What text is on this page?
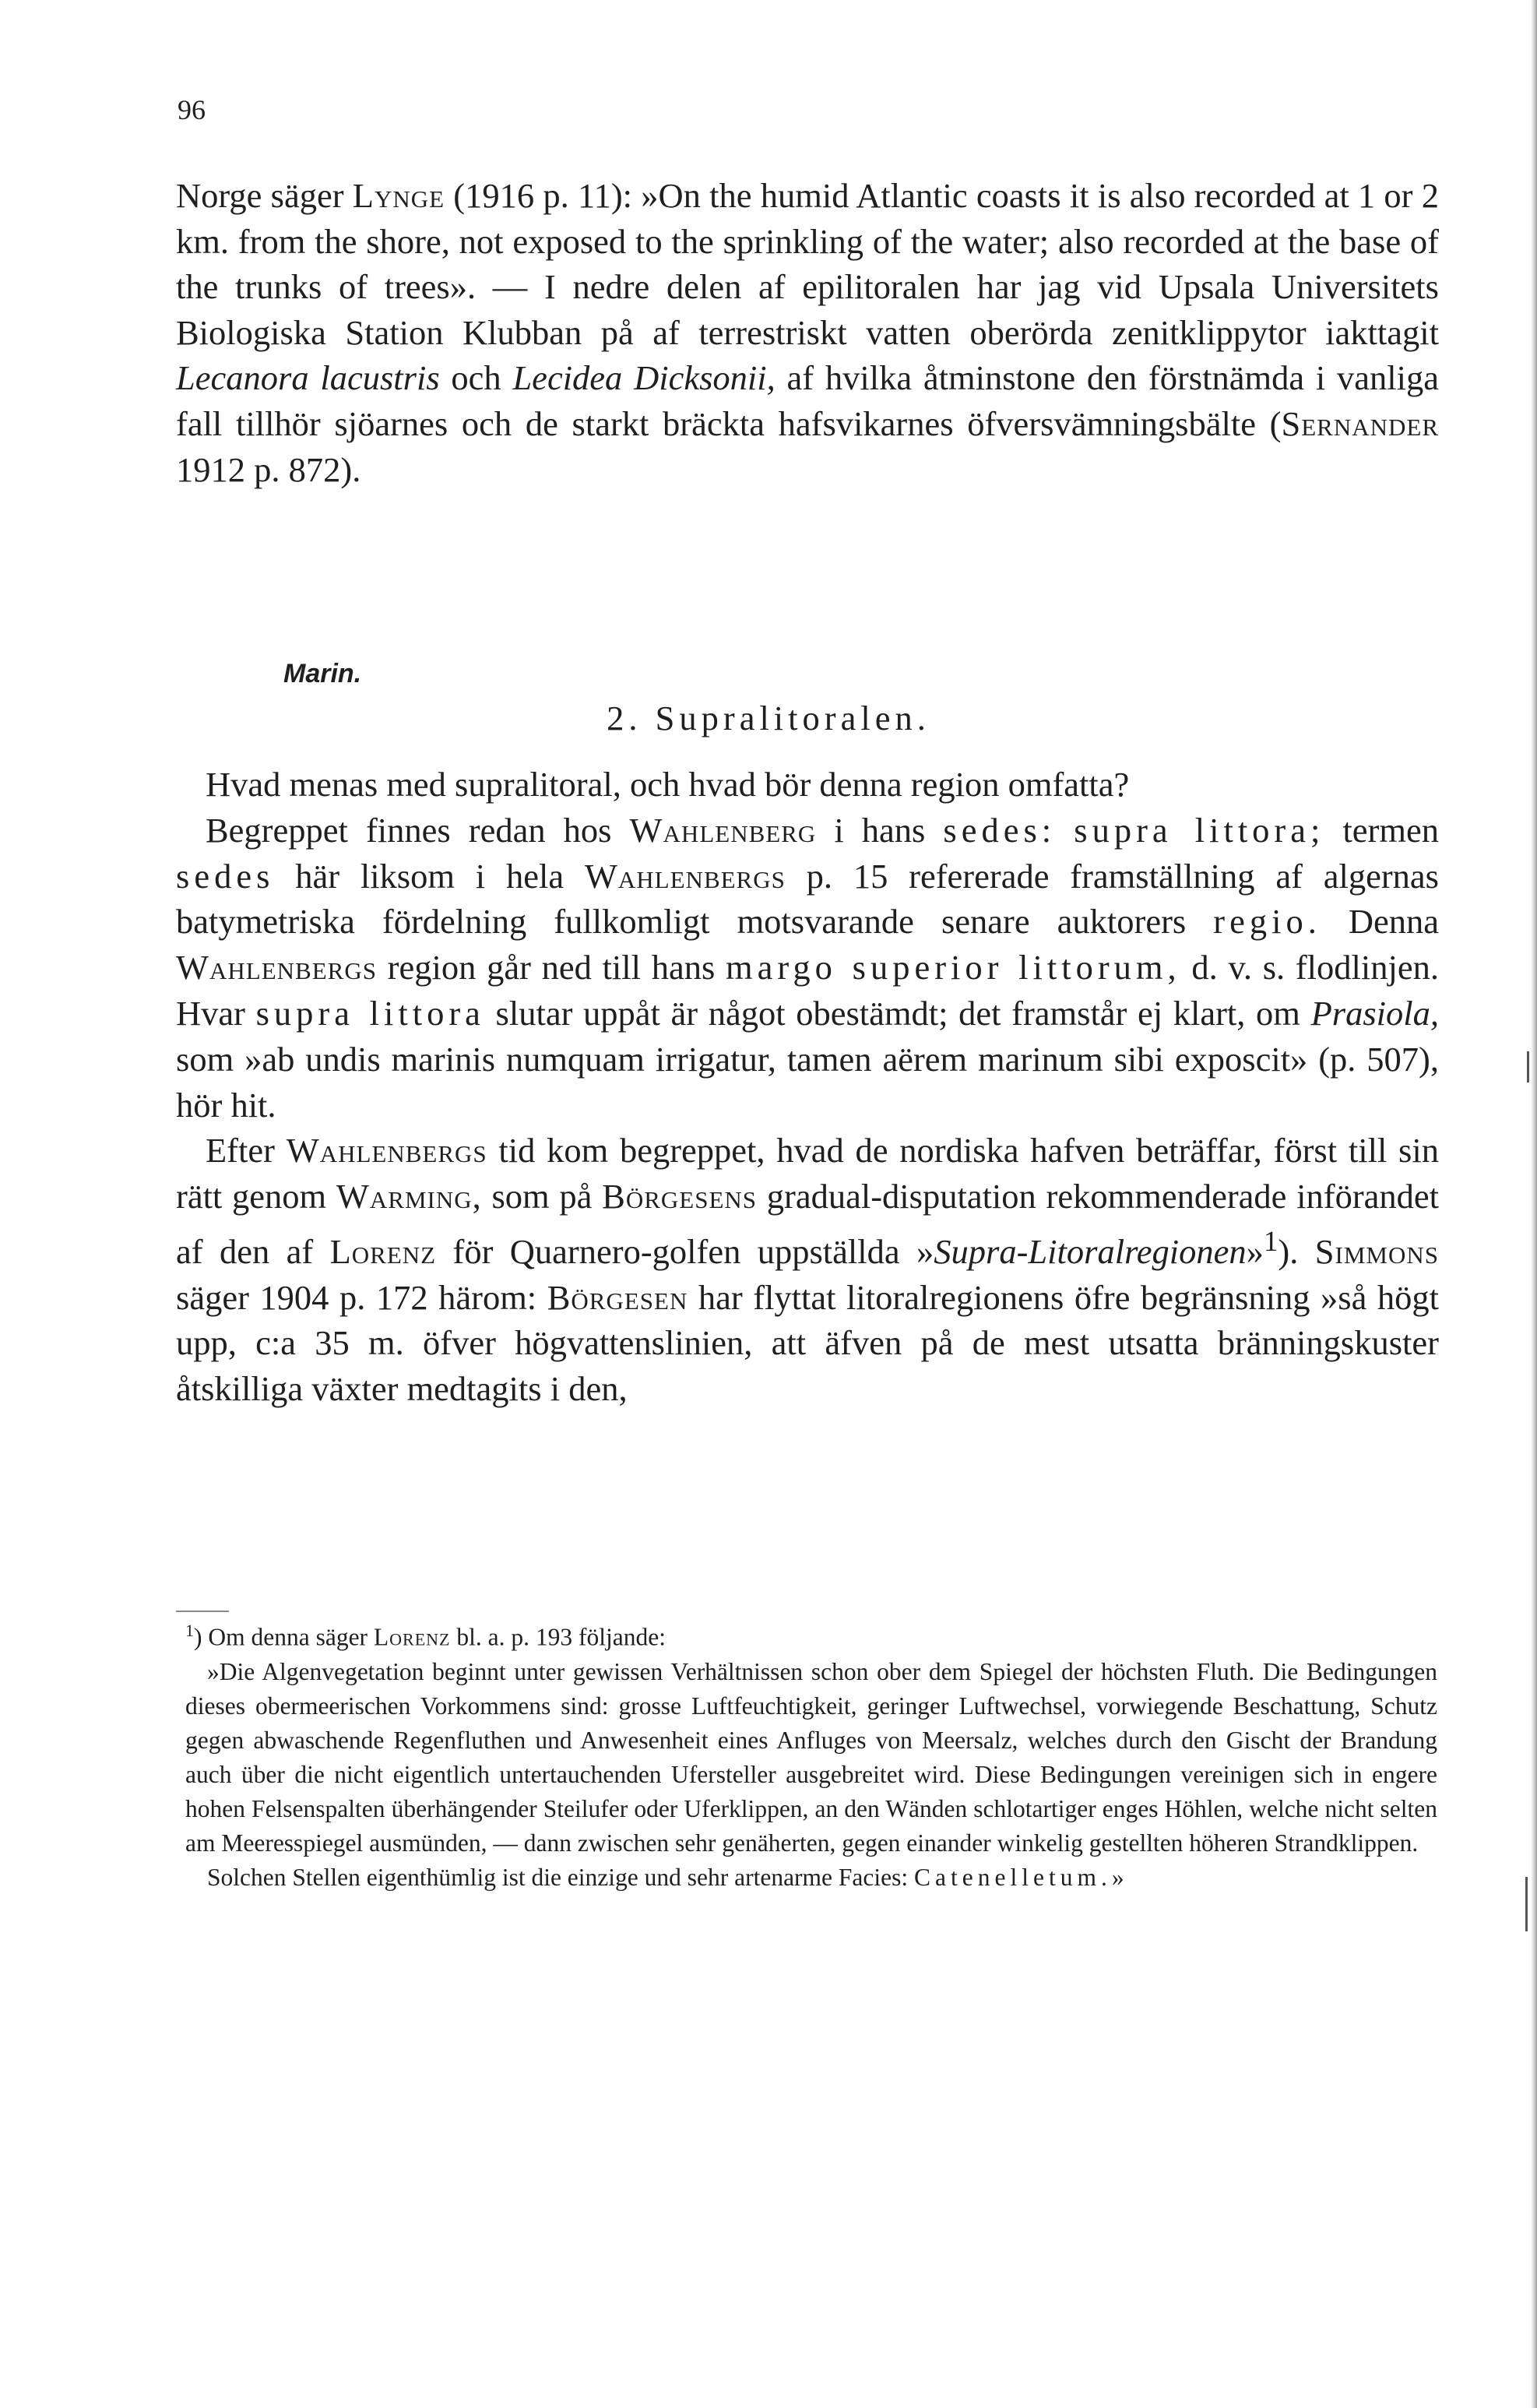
96

Norge säger Lynge (1916 p. 11): »On the humid Atlantic coasts it is also recorded at 1 or 2 km. from the shore, not exposed to the sprinkling of the water; also recorded at the base of the trunks of trees». — I nedre delen af epilitoralen har jag vid Upsala Universitets Biologiska Station Klubban på af terrestriskt vatten oberörda zenitklippytor iakttagit Lecanora lacustris och Lecidea Dicksonii, af hvilka åtminstone den förstnämda i vanliga fall tillhör sjöarnes och de starkt bräckta hafsvikarnes öfversvämningsbälte (Sernander 1912 p. 872).

Marin.
2. Supralitoralen.

Hvad menas med supralitoral, och hvad bör denna region omfatta?

Begreppet finnes redan hos Wahlenberg i hans sedes: supra littora; termen sedes här liksom i hela Wahlenbergs p. 15 refererade framställning af algernas batymetriska fördelning fullkomligt motsvarande senare auktorers regio. Denna Wahlenbergs region går ned till hans margo superior littorum, d. v. s. flodlinjen. Hvar supra littora slutar uppåt är något obestämdt; det framstår ej klart, om Prasiola, som »ab undis marinis numquam irrigatur, tamen aërem marinum sibi exposcit» (p. 507), hör hit.

Efter Wahlenbergs tid kom begreppet, hvad de nordiska hafven beträffar, först till sin rätt genom Warming, som på Börgesens gradual-disputation rekommenderade införandet af den af Lorenz för Quarnero-golfen uppställda »Supra-Litoralregionen»$^1$). Simmons säger 1904 p. 172 härom: Börgesen har flyttat litoralregionens öfre begränsning »så högt upp, c:a 35 m. öfver högvattenslinien, att äfven på de mest utsatta bränningskuster åtskilliga växter medtagits i den,

$^1$) Om denna säger Lorenz bl. a. p. 193 följande:

»Die Algenvegetation beginnt unter gewissen Verhältnissen schon ober dem Spiegel der höchsten Fluth. Die Bedingungen dieses obermeerischen Vorkommens sind: grosse Luftfeuchtigkeit, geringer Luftwechsel, vorwiegende Beschattung, Schutz gegen abwaschende Regenfluthen und Anwesenheit eines Anfluges von Meersalz, welches durch den Gischt der Brandung auch über die nicht eigentlich untertauchenden Ufersteller ausgebreitet wird. Diese Bedingungen vereinigen sich in engere hohen Felsenspalten überhängender Steilufer oder Uferklippen, an den Wänden schlotartiger enges Höhlen, welche nicht selten am Meeresspiegel ausmünden, — dann zwischen sehr genäherten, gegen einander winkelig gestellten höheren Strandklippen.

Solchen Stellen eigenthümlig ist die einzige und sehr artenarme Facies: Catenelletum.»
